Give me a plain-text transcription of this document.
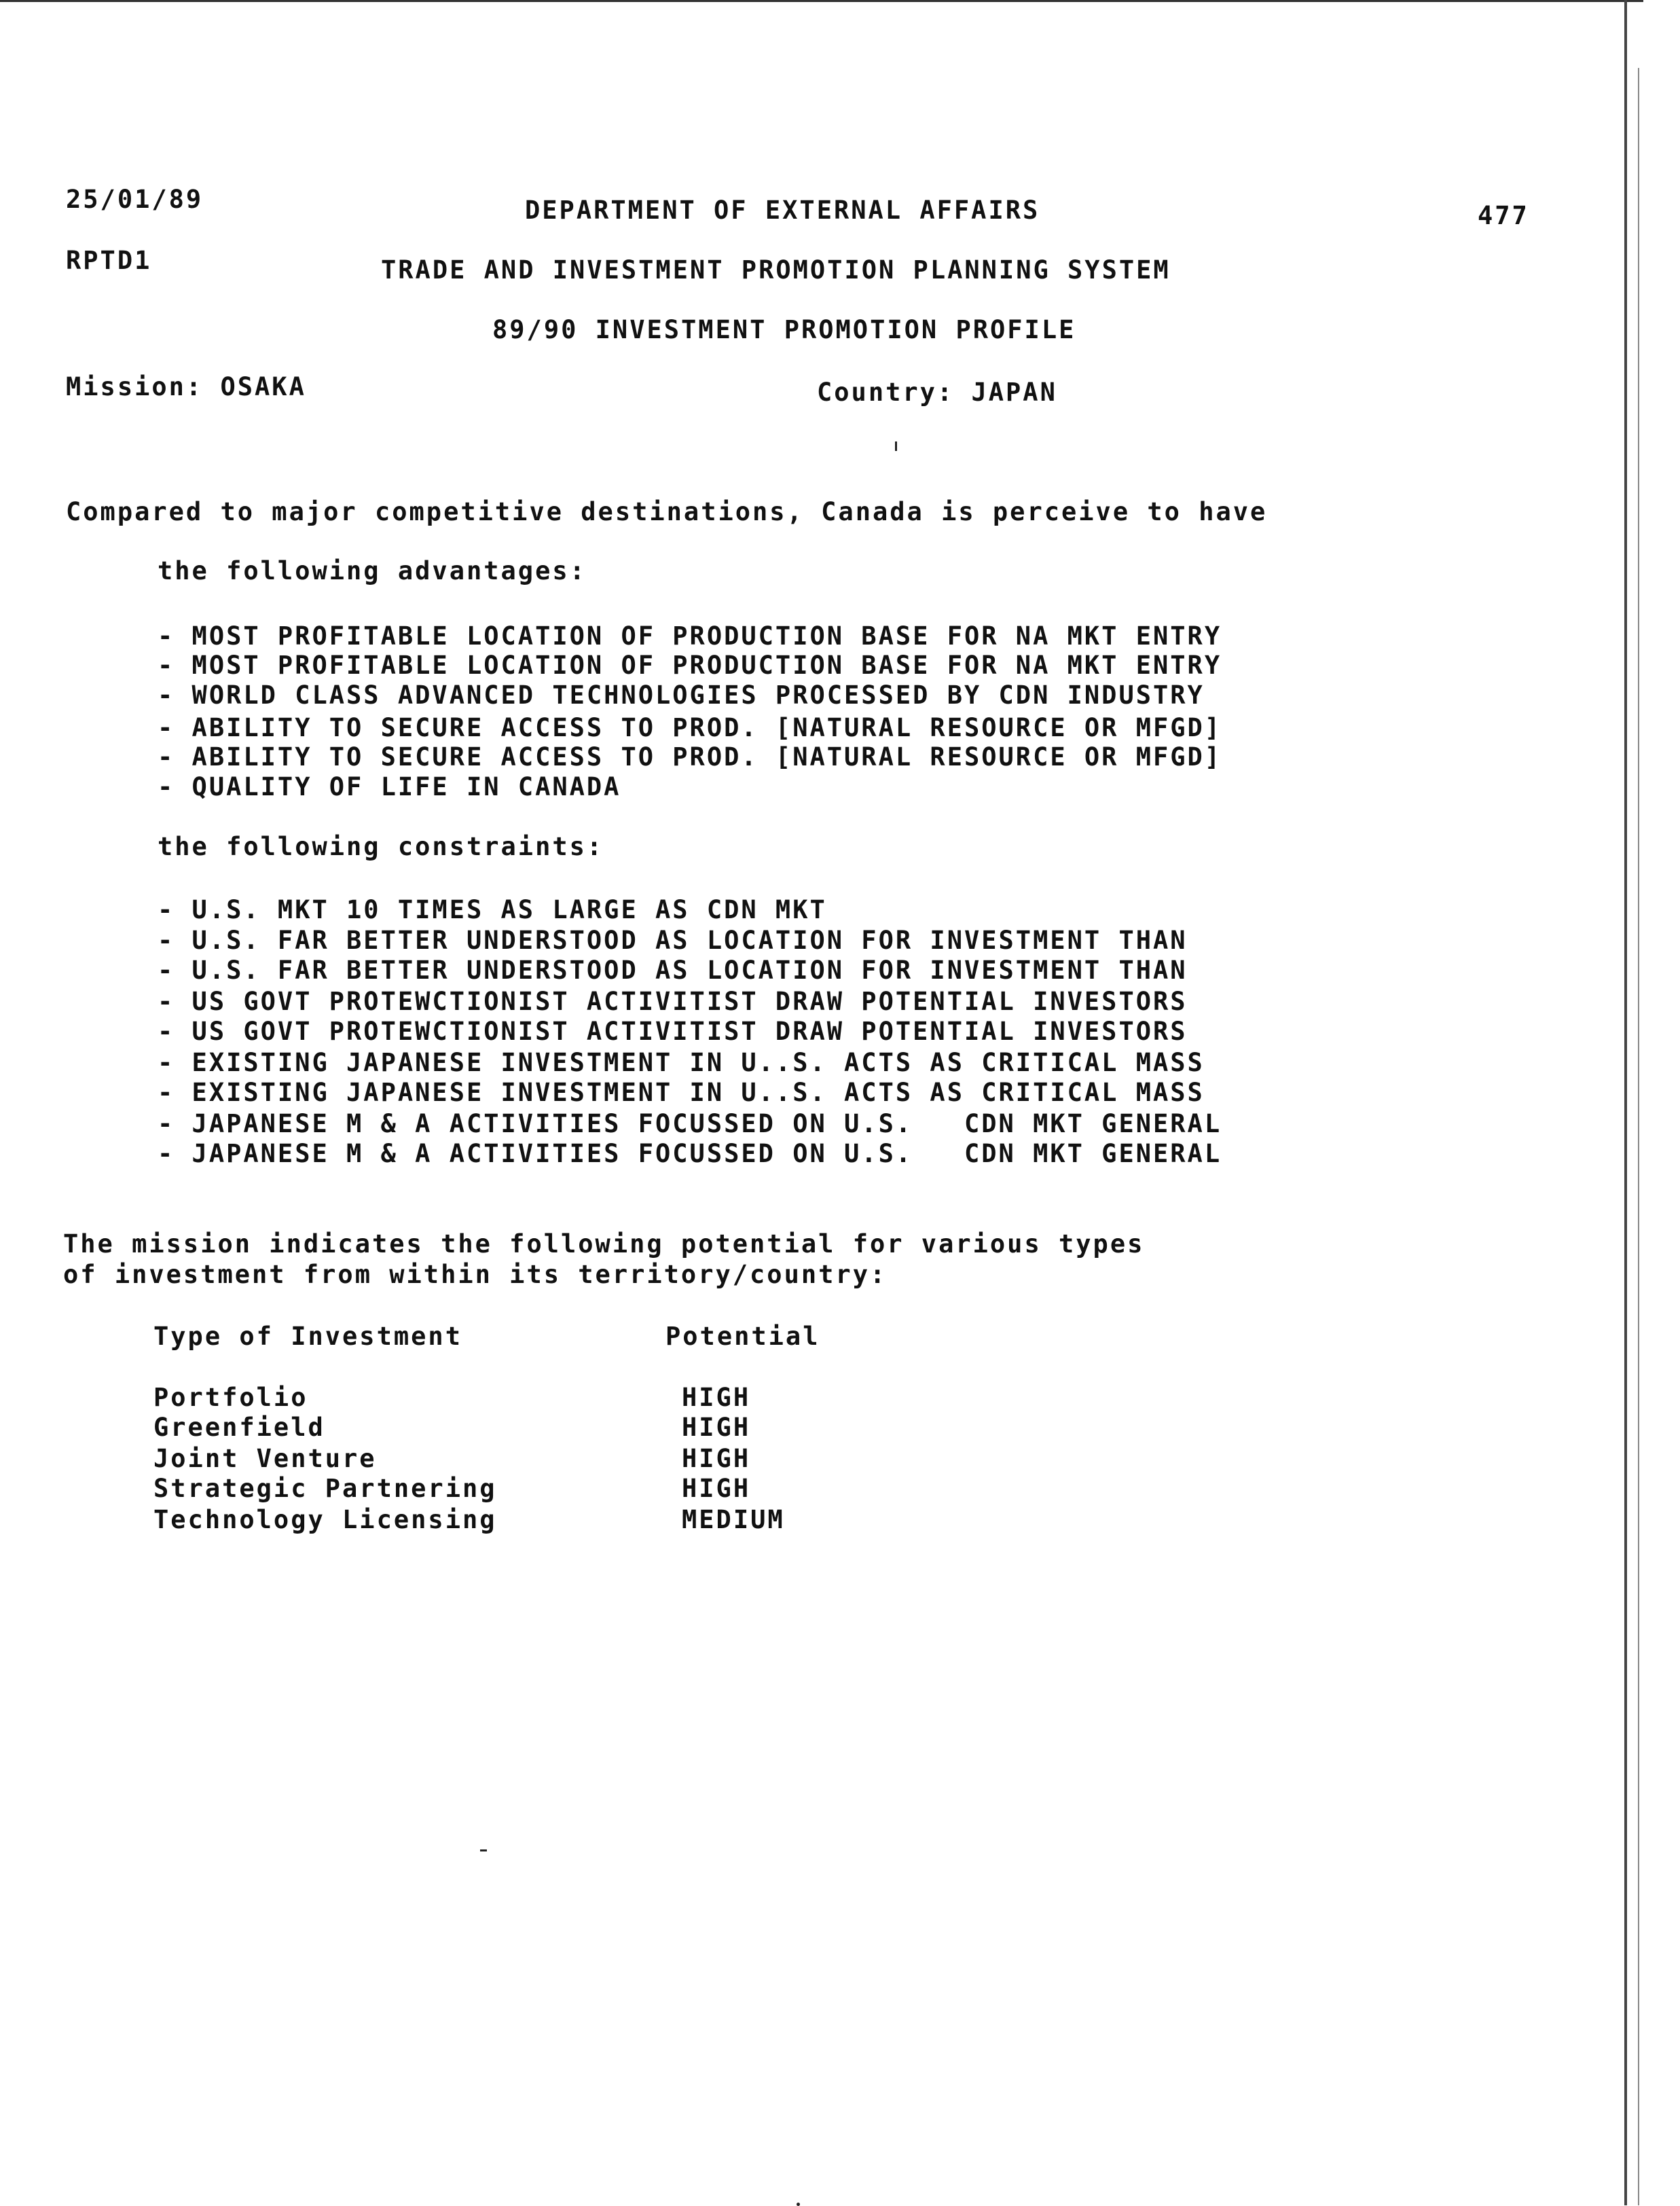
25/01/89	DEPARTMENT OF EXTERNAL AFFAIRS	477
RPTD1	TRADE AND INVESTMENT PROMOTION PLANNING SYSTEM
89/90 INVESTMENT PROMOTION PROFILE
Mission: OSAKA	Country: JAPAN
Compared to major competitive destinations, Canada is perceive to have
the following advantages:
- MOST PROFITABLE LOCATION OF PRODUCTION BASE FOR NA MKT ENTRY
- MOST PROFITABLE LOCATION OF PRODUCTION BASE FOR NA MKT ENTRY
- WORLD CLASS ADVANCED TECHNOLOGIES PROCESSED BY CDN INDUSTRY
- ABILITY TO SECURE ACCESS TO PROD. [NATURAL RESOURCE OR MFGD]
- ABILITY TO SECURE ACCESS TO PROD. [NATURAL RESOURCE OR MFGD]
- QUALITY OF LIFE IN CANADA
the following constraints:
- U.S. MKT 10 TIMES AS LARGE AS CDN MKT
- U.S. FAR BETTER UNDERSTOOD AS LOCATION FOR INVESTMENT THAN
- U.S. FAR BETTER UNDERSTOOD AS LOCATION FOR INVESTMENT THAN
- US GOVT PROTEWCTIONIST ACTIVITIST DRAW POTENTIAL INVESTORS
- US GOVT PROTEWCTIONIST ACTIVITIST DRAW POTENTIAL INVESTORS
- EXISTING JAPANESE INVESTMENT IN U..S. ACTS AS CRITICAL MASS
- EXISTING JAPANESE INVESTMENT IN U..S. ACTS AS CRITICAL MASS
- JAPANESE M & A ACTIVITIES FOCUSSED ON U.S.   CDN MKT GENERAL
- JAPANESE M & A ACTIVITIES FOCUSSED ON U.S.   CDN MKT GENERAL
The mission indicates the following potential for various types
of investment from within its territory/country:
Type of Investment	Potential
Portfolio	HIGH
Greenfield	HIGH
Joint Venture	HIGH
Strategic Partnering	HIGH
Technology Licensing	MEDIUM
